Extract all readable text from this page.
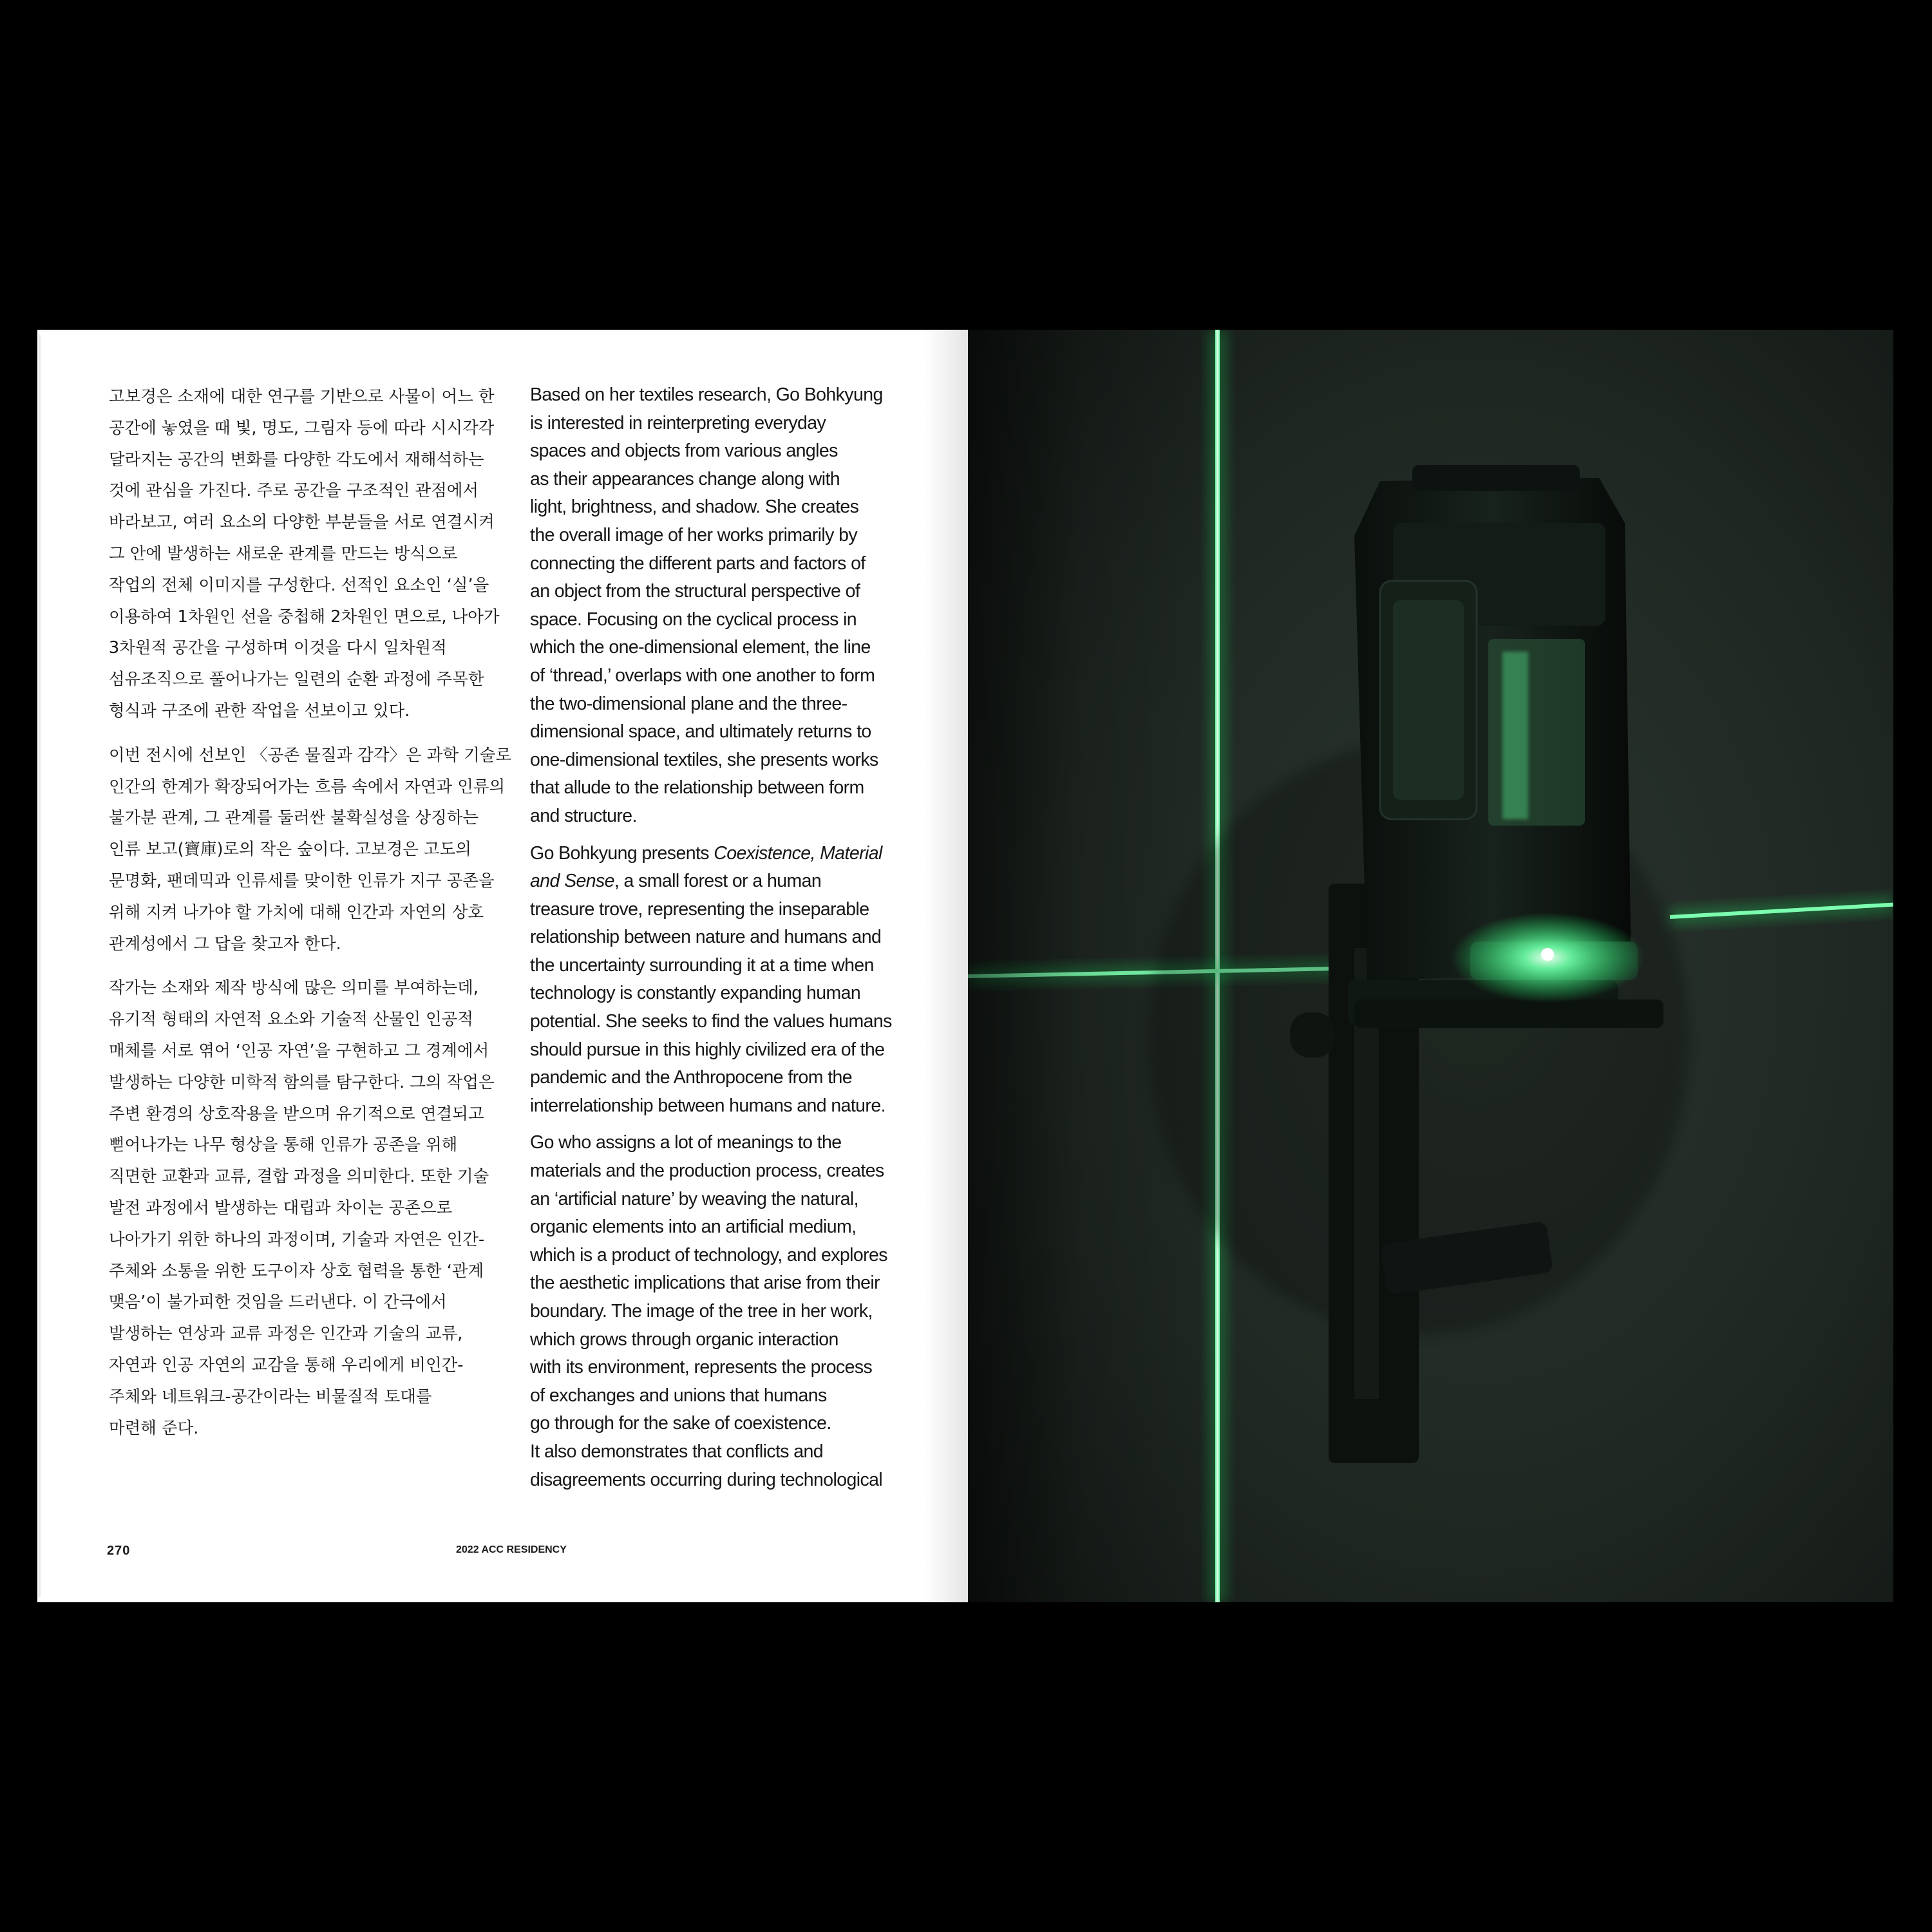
고보경은 소재에 대한 연구를 기반으로 사물이 어느 한
공간에 놓였을 때 빛, 명도, 그림자 등에 따라 시시각각
달라지는 공간의 변화를 다양한 각도에서 재해석하는
것에 관심을 가진다. 주로 공간을 구조적인 관점에서
바라보고, 여러 요소의 다양한 부분들을 서로 연결시켜
그 안에 발생하는 새로운 관계를 만드는 방식으로
작업의 전체 이미지를 구성한다. 선적인 요소인 ‘실’을
이용하여 1차원인 선을 중첩해 2차원인 면으로, 나아가
3차원적 공간을 구성하며 이것을 다시 일차원적
섬유조직으로 풀어나가는 일련의 순환 과정에 주목한
형식과 구조에 관한 작업을 선보이고 있다.

이번 전시에 선보인 〈공존 물질과 감각〉은 과학 기술로
인간의 한계가 확장되어가는 흐름 속에서 자연과 인류의
불가분 관계, 그 관계를 둘러싼 불확실성을 상징하는
인류 보고(寶庫)로의 작은 숲이다. 고보경은 고도의
문명화, 팬데믹과 인류세를 맞이한 인류가 지구 공존을
위해 지켜 나가야 할 가치에 대해 인간과 자연의 상호
관계성에서 그 답을 찾고자 한다.

작가는 소재와 제작 방식에 많은 의미를 부여하는데,
유기적 형태의 자연적 요소와 기술적 산물인 인공적
매체를 서로 엮어 ‘인공 자연’을 구현하고 그 경계에서
발생하는 다양한 미학적 함의를 탐구한다. 그의 작업은
주변 환경의 상호작용을 받으며 유기적으로 연결되고
뻗어나가는 나무 형상을 통해 인류가 공존을 위해
직면한 교환과 교류, 결합 과정을 의미한다. 또한 기술
발전 과정에서 발생하는 대립과 차이는 공존으로
나아가기 위한 하나의 과정이며, 기술과 자연은 인간-
주체와 소통을 위한 도구이자 상호 협력을 통한 ‘관계
맺음’이 불가피한 것임을 드러낸다. 이 간극에서
발생하는 연상과 교류 과정은 인간과 기술의 교류,
자연과 인공 자연의 교감을 통해 우리에게 비인간-
주체와 네트워크-공간이라는 비물질적 토대를
마련해 준다.

Based on her textiles research, Go Bohkyung
is interested in reinterpreting everyday
spaces and objects from various angles
as their appearances change along with
light, brightness, and shadow. She creates
the overall image of her works primarily by
connecting the different parts and factors of
an object from the structural perspective of
space. Focusing on the cyclical process in
which the one-dimensional element, the line
of ‘thread,’ overlaps with one another to form
the two-dimensional plane and the three-
dimensional space, and ultimately returns to
one-dimensional textiles, she presents works
that allude to the relationship between form
and structure.

Go Bohkyung presents Coexistence, Material
and Sense, a small forest or a human
treasure trove, representing the inseparable
relationship between nature and humans and
the uncertainty surrounding it at a time when
technology is constantly expanding human
potential. She seeks to find the values humans
should pursue in this highly civilized era of the
pandemic and the Anthropocene from the
interrelationship between humans and nature.

Go who assigns a lot of meanings to the
materials and the production process, creates
an ‘artificial nature’ by weaving the natural,
organic elements into an artificial medium,
which is a product of technology, and explores
the aesthetic implications that arise from their
boundary. The image of the tree in her work,
which grows through organic interaction
with its environment, represents the process
of exchanges and unions that humans
go through for the sake of coexistence.
It also demonstrates that conflicts and
disagreements occurring during technological

270	2022 ACC RESIDENCY
